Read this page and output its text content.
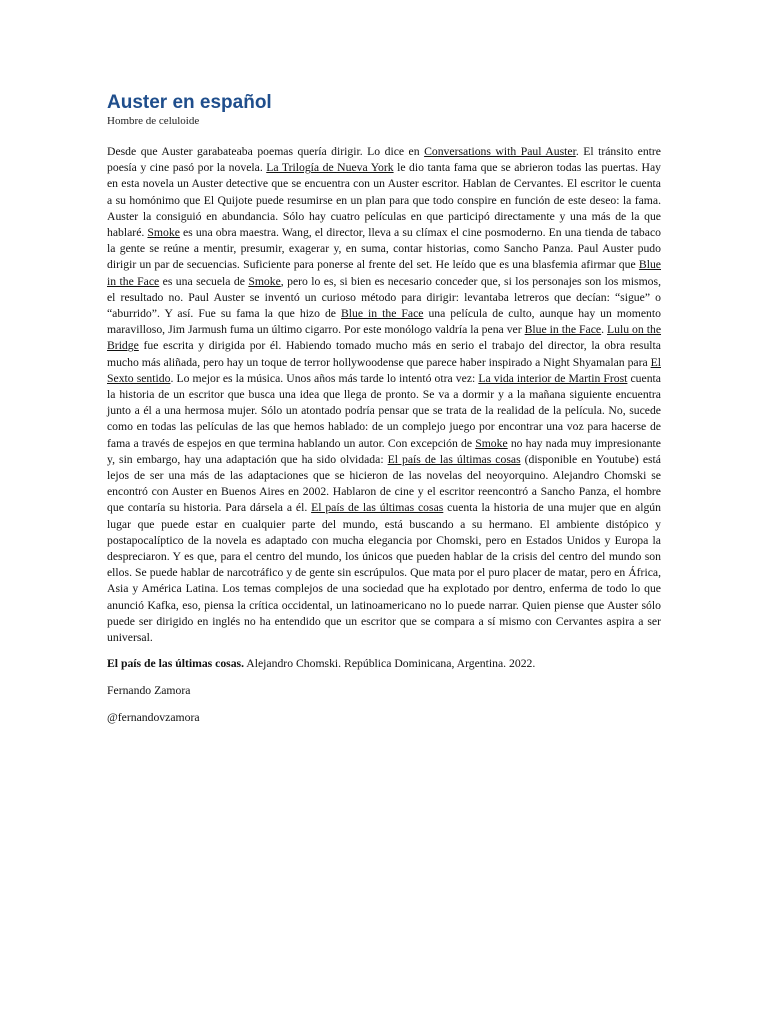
Auster en español

Hombre de celuloide

Desde que Auster garabateaba poemas quería dirigir. Lo dice en Conversations with Paul Auster. El tránsito entre poesía y cine pasó por la novela. La Trilogía de Nueva York le dio tanta fama que se abrieron todas las puertas. Hay en esta novela un Auster detective que se encuentra con un Auster escritor. Hablan de Cervantes. El escritor le cuenta a su homónimo que El Quijote puede resumirse en un plan para que todo conspire en función de este deseo: la fama. Auster la consiguió en abundancia. Sólo hay cuatro películas en que participó directamente y una más de la que hablaré. Smoke es una obra maestra. Wang, el director, lleva a su clímax el cine posmoderno. En una tienda de tabaco la gente se reúne a mentir, presumir, exagerar y, en suma, contar historias, como Sancho Panza. Paul Auster pudo dirigir un par de secuencias. Suficiente para ponerse al frente del set. He leído que es una blasfemia afirmar que Blue in the Face es una secuela de Smoke, pero lo es, si bien es necesario conceder que, si los personajes son los mismos, el resultado no. Paul Auster se inventó un curioso método para dirigir: levantaba letreros que decían: “sigue” o “aburrido”. Y así. Fue su fama la que hizo de Blue in the Face una película de culto, aunque hay un momento maravilloso, Jim Jarmush fuma un último cigarro. Por este monólogo valdría la pena ver Blue in the Face. Lulu on the Bridge fue escrita y dirigida por él. Habiendo tomado mucho más en serio el trabajo del director, la obra resulta mucho más aliñada, pero hay un toque de terror hollywoodense que parece haber inspirado a Night Shyamalan para El Sexto sentido. Lo mejor es la música. Unos años más tarde lo intentó otra vez: La vida interior de Martin Frost cuenta la historia de un escritor que busca una idea que llega de pronto. Se va a dormir y a la mañana siguiente encuentra junto a él a una hermosa mujer. Sólo un atontado podría pensar que se trata de la realidad de la película. No, sucede como en todas las películas de las que hemos hablado: de un complejo juego por encontrar una voz para hacerse de fama a través de espejos en que termina hablando un autor. Con excepción de Smoke no hay nada muy impresionante y, sin embargo, hay una adaptación que ha sido olvidada: El país de las últimas cosas (disponible en Youtube) está lejos de ser una más de las adaptaciones que se hicieron de las novelas del neoyorquino. Alejandro Chomski se encontró con Auster en Buenos Aires en 2002. Hablaron de cine y el escritor reencontró a Sancho Panza, el hombre que contaría su historia. Para dársela a él. El país de las últimas cosas cuenta la historia de una mujer que en algún lugar que puede estar en cualquier parte del mundo, está buscando a su hermano. El ambiente distópico y postapocalíptico de la novela es adaptado con mucha elegancia por Chomski, pero en Estados Unidos y Europa la despreciaron. Y es que, para el centro del mundo, los únicos que pueden hablar de la crisis del centro del mundo son ellos. Se puede hablar de narcotráfico y de gente sin escrúpulos. Que mata por el puro placer de matar, pero en África, Asia y América Latina. Los temas complejos de una sociedad que ha explotado por dentro, enferma de todo lo que anunció Kafka, eso, piensa la crítica occidental, un latinoamericano no lo puede narrar. Quien piense que Auster sólo puede ser dirigido en inglés no ha entendido que un escritor que se compara a sí mismo con Cervantes aspira a ser universal.

El país de las últimas cosas. Alejandro Chomski. República Dominicana, Argentina. 2022.

Fernando Zamora

@fernandovzamora
